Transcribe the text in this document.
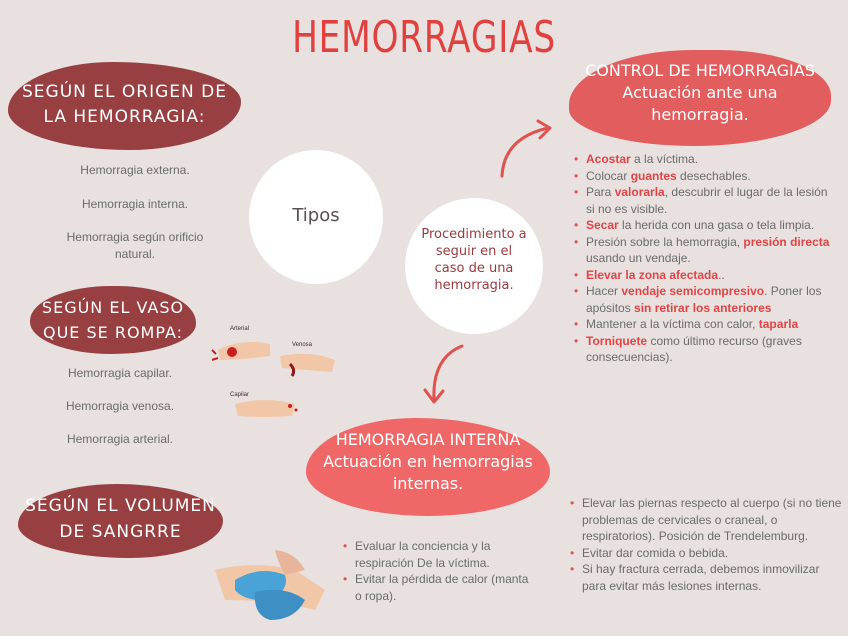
HEMORRAGIAS
SEGÚN EL ORIGEN DE
LA HEMORRAGIA:
Hemorragia externa.
Hemorragia interna.
Hemorragia según orificio
natural.
SEGÚN EL VASO
QUE SE ROMPA:
Hemorragia capilar.
Hemorragia venosa.
Hemorragia arterial.
Arterial
Venosa
Capilar
SEGÚN EL VOLUMEN
DE SANGRRE
Tipos
Procedimiento a
seguir en el
caso de una
hemorragia.
CONTROL DE HEMORRAGIAS
Actuación ante una
hemorragia.
• Acostar a la víctima.
• Colocar guantes desechables.
• Para valorarla, descubrir el lugar de la lesión si no es visible.
• Secar la herida con una gasa o tela limpia.
• Presión sobre la hemorragia, presión directa usando un vendaje.
• Elevar la zona afectada..
• Hacer vendaje semicompresivo. Poner los apósitos sin retirar los anteriores
• Mantener a la víctima con calor, taparla
• Torniquete como último recurso (graves consecuencias).
HEMORRAGIA INTERNA
Actuación en hemorragias
internas.
• Evaluar la conciencia y la respiración De la víctima.
• Evitar la pérdida de calor (manta o ropa).
• Elevar las piernas respecto al cuerpo (si no tiene problemas de cervicales o craneal, o respiratorios). Posición de Trendelemburg.
• Evitar dar comida o bebida.
• Si hay fractura cerrada, debemos inmovilizar para evitar más lesiones internas.
